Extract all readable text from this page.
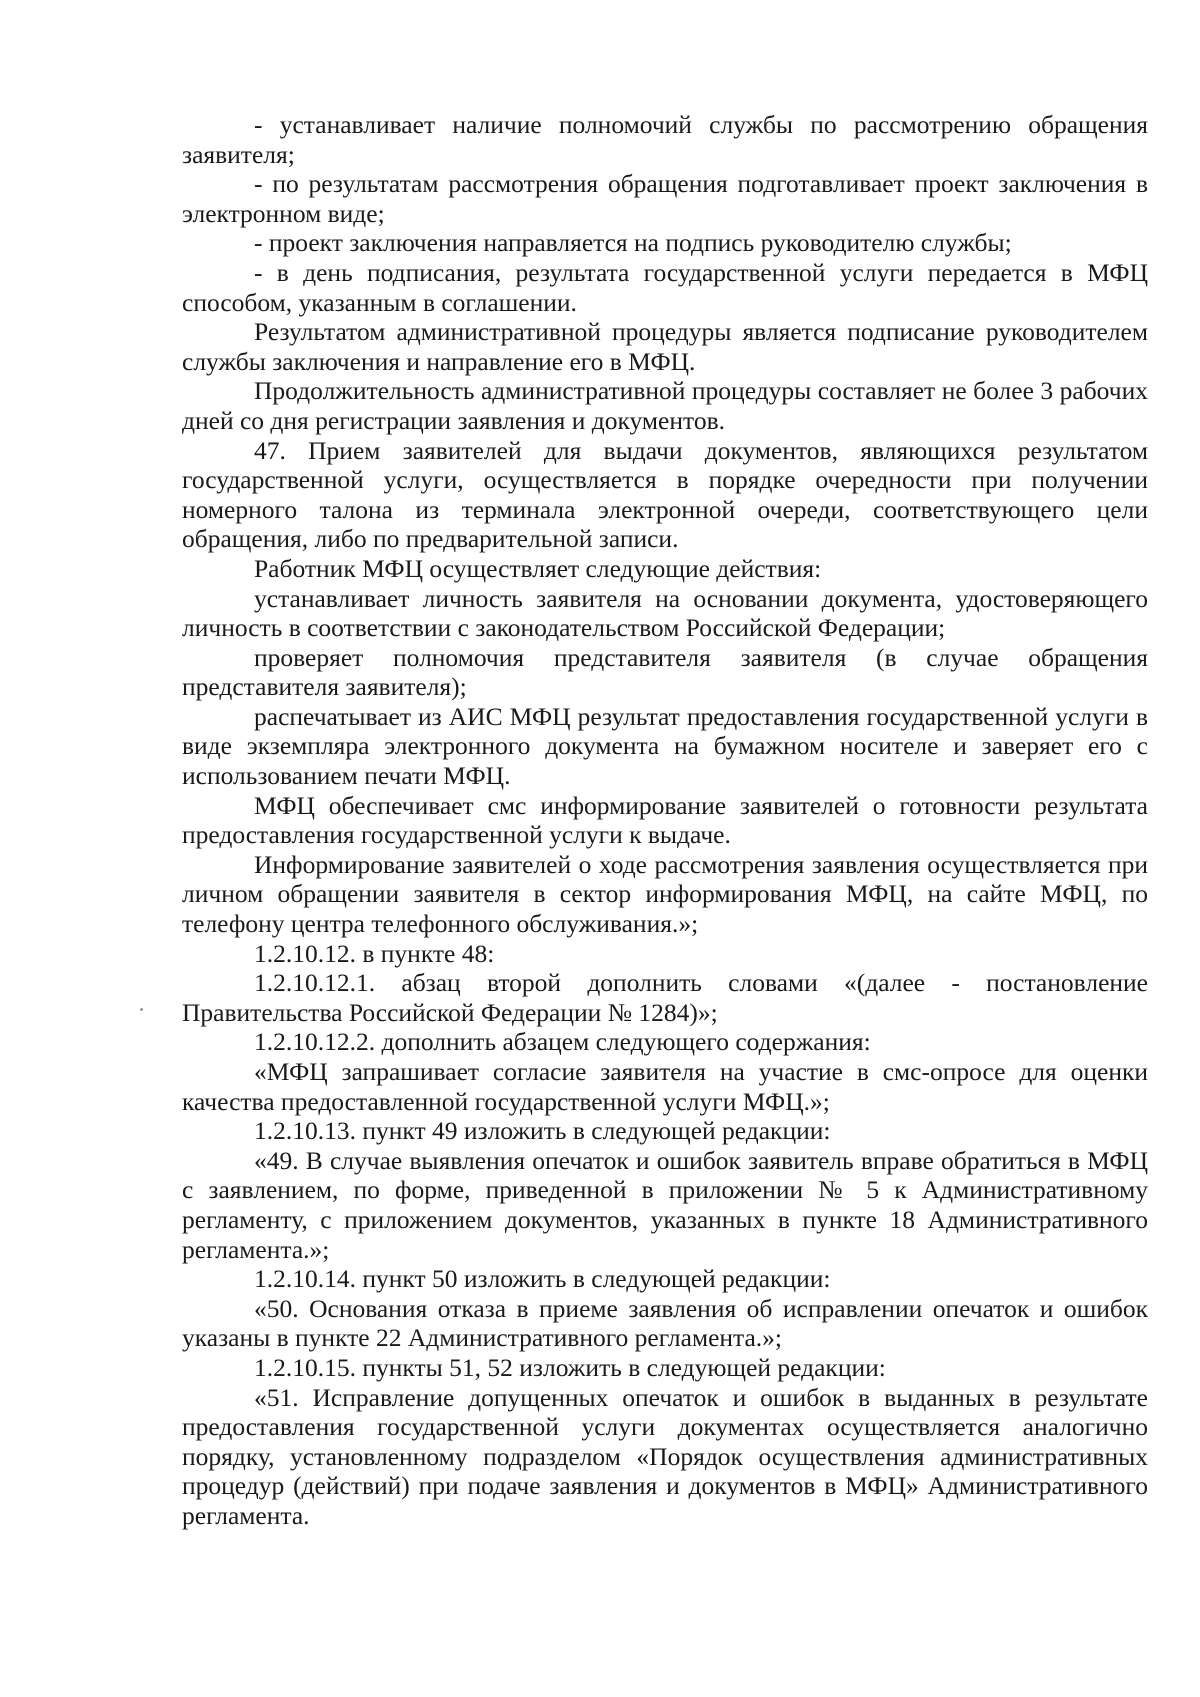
- устанавливает наличие полномочий службы по рассмотрению обращения заявителя;

- по результатам рассмотрения обращения подготавливает проект заключения в электронном виде;

- проект заключения направляется на подпись руководителю службы;

- в день подписания, результата государственной услуги передается в МФЦ способом, указанным в соглашении.

Результатом административной процедуры является подписание руководителем службы заключения и направление его в МФЦ.

Продолжительность административной процедуры составляет не более 3 рабочих дней со дня регистрации заявления и документов.

47. Прием заявителей для выдачи документов, являющихся результатом государственной услуги, осуществляется в порядке очередности при получении номерного талона из терминала электронной очереди, соответствующего цели обращения, либо по предварительной записи.

Работник МФЦ осуществляет следующие действия:

устанавливает личность заявителя на основании документа, удостоверяющего личность в соответствии с законодательством Российской Федерации;

проверяет полномочия представителя заявителя (в случае обращения представителя заявителя);

распечатывает из АИС МФЦ результат предоставления государственной услуги в виде экземпляра электронного документа на бумажном носителе и заверяет его с использованием печати МФЦ.

МФЦ обеспечивает смс информирование заявителей о готовности результата предоставления государственной услуги к выдаче.

Информирование заявителей о ходе рассмотрения заявления осуществляется при личном обращении заявителя в сектор информирования МФЦ, на сайте МФЦ, по телефону центра телефонного обслуживания.»;

1.2.10.12. в пункте 48:

1.2.10.12.1. абзац второй дополнить словами «(далее - постановление Правительства Российской Федерации № 1284)»;

1.2.10.12.2. дополнить абзацем следующего содержания:

«МФЦ запрашивает согласие заявителя на участие в смс-опросе для оценки качества предоставленной государственной услуги МФЦ.»;

1.2.10.13. пункт 49 изложить в следующей редакции:

«49. В случае выявления опечаток и ошибок заявитель вправе обратиться в МФЦ с заявлением, по форме, приведенной в приложении № 5 к Административному регламенту, с приложением документов, указанных в пункте 18 Административного регламента.»;

1.2.10.14. пункт 50 изложить в следующей редакции:

«50. Основания отказа в приеме заявления об исправлении опечаток и ошибок указаны в пункте 22 Административного регламента.»;

1.2.10.15. пункты 51, 52 изложить в следующей редакции:

«51. Исправление допущенных опечаток и ошибок в выданных в результате предоставления государственной услуги документах осуществляется аналогично порядку, установленному подразделом «Порядок осуществления административных процедур (действий) при подаче заявления и документов в МФЦ» Административного регламента.
